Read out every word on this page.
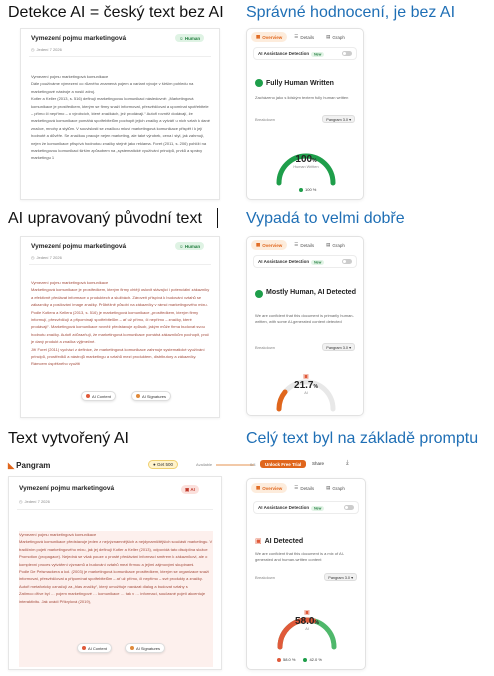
Detekce AI = český text bez AI Správné hodnocení, je bez AI
AI upravovaný původní text	Vypadá to velmi dobře
Text vytvořený AI	Celý text byl na základě promptu
Vymezení pojmu marketingová	☺ Human
◷ Jedení 7 2026
Vymezení pojmu marketingová komunikace
Dále používáme výmezení co různého znamená pojem a variant vývoje v širším pohledu na marketingové nástroje a nosič zdroj.
Kotler a Keller (2013, s. 516) definují marketingovou komunikaci následovně: „Marketingová komunikace je prostředkem, kterým se firmy snaží informovat, přesvědčovat a upomínat spotřebitele – přímo či nepřímo – o výrobcích, které značkách, jež prodávají.“ Autoři rovněž dodávají, že marketingová komunikace pomáhá spotřebitelům pochopit jejich značky a vytváří u nich vztah k dané značce, mnohy a stylům. V souvislosti se značkou mluví marketingová komunikace přispět i k její hodnotě a důvěře. Se značkou pracuje nejen marketing, ale také výrobek, cena i styl, jak zahrnují, nejen že komunikace přispívá hodnotou značky stejně jako reklama. Foret (2011, s. 206) pohlíží na marketingovou komunikaci širším způsobem na „systematické využívání principů, prvků a správy marketingu 1
▦ Overview	☰ Details	▤ Graph
AI Assistance Detection New
Fully Human Written
Zacházeno jako s lidským textem fully human written
Breakdown	Pangram 3.0 ▾
100%
Human Written
100 %
Vymezení pojmu marketingová	☺ Human
◷ Jedení 7 2026
Vymezení pojmu marketingová komunikace
Marketingová komunikace je prostředkem, kterým firmy chtějí oslovit stávající i potenciální zákazníky a efektivně předávat informace o produktech a službách. Zároveň přispívá k budování vztahů se zákazníky a posilování image značky. Průběžně působí na zákazníky v rámci marketingového mixu.
Podle Kotlera a Kellera (2013, s. 516) je marketingová komunikace „prostředkem, kterým firmy informují, přesvědčují a připomínají spotřebitelům – ať už přímo, či nepřímo – značky, které prodávají“. Marketingová komunikace rovněž představuje způsob, jakým může firma budovat svou hodnotu značky. Autoři zdůrazňují, že marketingová komunikace pomáhá zákazníkům pochopit, proč je daný produkt a značka výjimečné.
Jiří Foret (2011) vychází z definice, že marketingová komunikace zahrnuje systematické využívání principů, prostředků a nástrojů marketingu a vztahů mezi produktem, distributory a zákazníky. Rámcem úspěšného využití
AI Content	AI Signatures
▦ Overview	☰ Details	▤ Graph
AI Assistance Detection New
Mostly Human, AI Detected
We are confident that this document is primarily human-written, with some AI-generated content detected
Breakdown	Pangram 3.0 ▾
▣
21.7%
AI
◣ Pangram	● Get 500	Available	0/4	Unlock Free Trial	Share	⤓
Vymezení pojmu marketingová	▣ AI
◷ Jedení 7 2026
Vymezení pojmu marketingová komunikace
Marketingová komunikace představuje jeden z nejvýznamnějších a nejdynamičtějších součástí marketingu. V tradičním pojetí marketingového mixu, jak jej definují Kotler a Keller (2013), odpovídá tato disciplína složce Promotion (propagace). Nejedná se však pouze o prosté předávání informací směrem k zákazníkovi, ale o komplexní proces vytváření významů a budování vztahů mezi firmou a jejími zájmovými skupinami.
Podle De Pelsmackera a kol. (2003) je marketingová komunikace prostředkem, kterým se organizace snaží informovat, přesvědčovat a připomínat spotřebitelům – ať už přímo, či nepřímo – své produkty a značky. Autoři metaforicky označují za „hlas značky“, který umožňuje navázat dialog a budovat vztahy s
Zatímco dříve byl … pojem marketingové … komunikace … tak v … informaci, současné pojetí akcentuje interaktivitu. Jak uvádí Přikrylová (2019),
AI Content	AI Signatures
▦ Overview	☰ Details	▤ Graph
AI Assistance Detection New
▣ AI Detected
We are confident that this document is a mix of AI-generated and human-written content
Breakdown	Pangram 3.0 ▾
▣
58.0%
AI
58.0 %	42.0 %
